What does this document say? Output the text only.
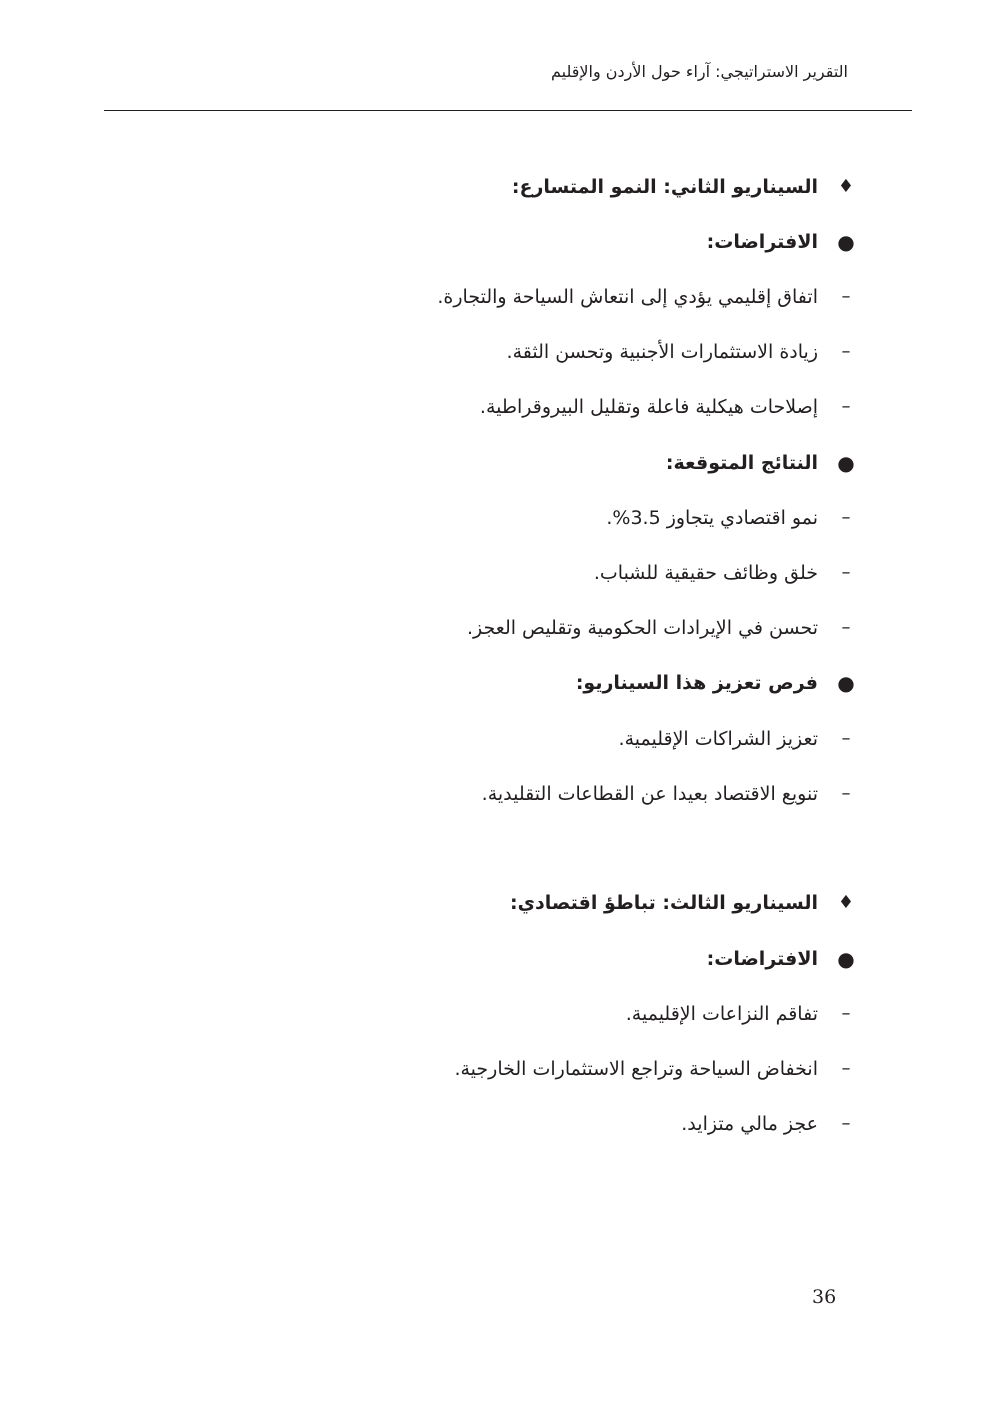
التقرير الاستراتيجي: آراء حول الأردن والإقليم
♦
السيناريو الثاني: النمو المتسارع:
●
الافتراضات:
–
اتفاق إقليمي يؤدي إلى انتعاش السياحة والتجارة.
–
زيادة الاستثمارات الأجنبية وتحسن الثقة.
–
إصلاحات هيكلية فاعلة وتقليل البيروقراطية.
●
النتائج المتوقعة:
–
نمو اقتصادي يتجاوز 3.5%.
–
خلق وظائف حقيقية للشباب.
–
تحسن في الإيرادات الحكومية وتقليص العجز.
●
فرص تعزيز هذا السيناريو:
–
تعزيز الشراكات الإقليمية.
–
تنويع الاقتصاد بعيدا عن القطاعات التقليدية.
♦
السيناريو الثالث: تباطؤ اقتصادي:
●
الافتراضات:
–
تفاقم النزاعات الإقليمية.
–
انخفاض السياحة وتراجع الاستثمارات الخارجية.
–
عجز مالي متزايد.
36
